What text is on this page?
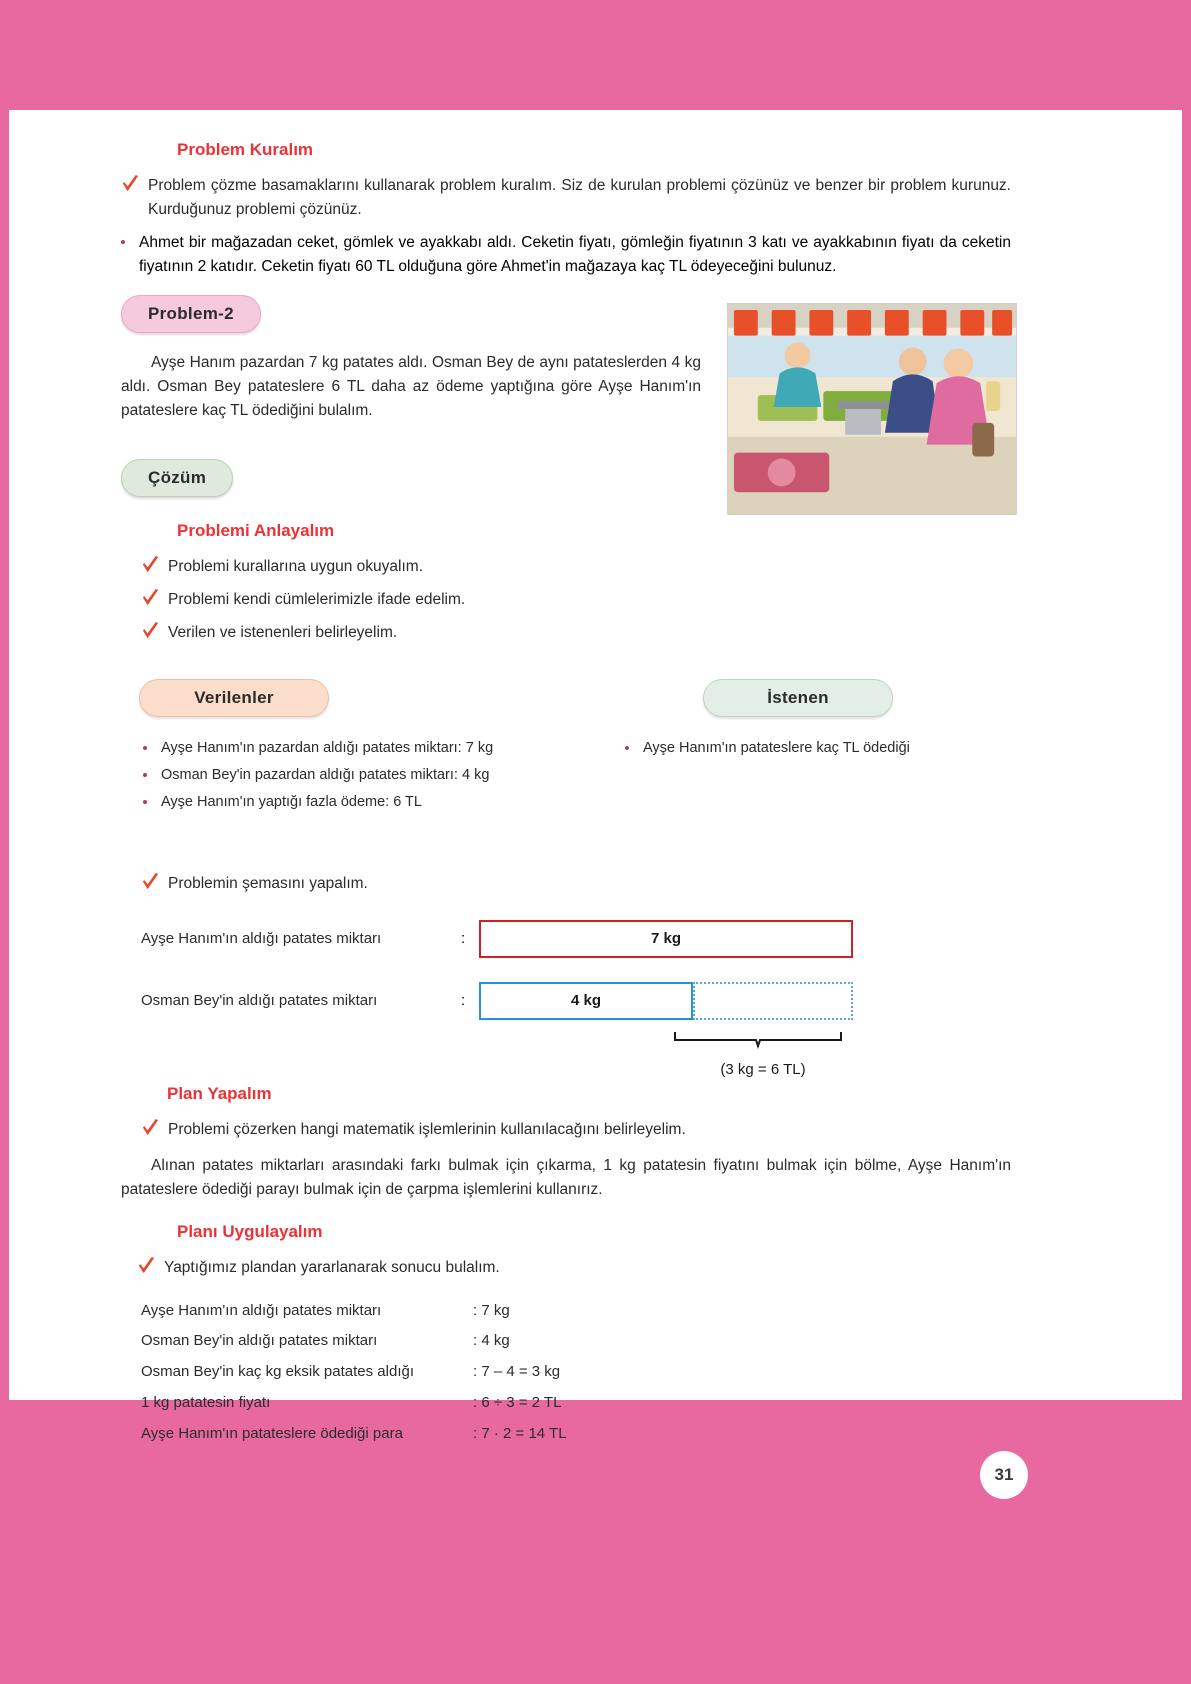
Problem Kuralım
Problem çözme basamaklarını kullanarak problem kuralım. Siz de kurulan problemi çözünüz ve benzer bir problem kurunuz. Kurduğunuz problemi çözünüz.
Ahmet bir mağazadan ceket, gömlek ve ayakkabı aldı. Ceketin fiyatı, gömleğin fiyatının 3 katı ve ayakkabının fiyatı da ceketin fiyatının 2 katıdır. Ceketin fiyatı 60 TL olduğuna göre Ahmet'in mağazaya kaç TL ödeyeceğini bulunuz.
Problem-2

Ayşe Hanım pazardan 7 kg patates aldı. Osman Bey de aynı patateslerden 4 kg aldı. Osman Bey patateslere 6 TL daha az ödeme yaptığına göre Ayşe Hanım'ın patateslere kaç TL ödediğini bulalım.

Çözüm
Problemi Anlayalım
Problemi kurallarına uygun okuyalım.
Problemi kendi cümlelerimizle ifade edelim.
Verilen ve istenenleri belirleyelim.
Verilenler
Ayşe Hanım'ın pazardan aldığı patates miktarı: 7 kg
Osman Bey'in pazardan aldığı patates miktarı: 4 kg
Ayşe Hanım'ın yaptığı fazla ödeme: 6 TL
İstenen
Ayşe Hanım'ın patateslere kaç TL ödediği
Problemin şemasını yapalım.
Ayşe Hanım'ın aldığı patates miktarı	:	7 kg
Osman Bey'in aldığı patates miktarı	:	4 kg
(3 kg = 6 TL)
Plan Yapalım
Problemi çözerken hangi matematik işlemlerinin kullanılacağını belirleyelim.

Alınan patates miktarları arasındaki farkı bulmak için çıkarma, 1 kg patatesin fiyatını bulmak için bölme, Ayşe Hanım'ın patateslere ödediği parayı bulmak için de çarpma işlemlerini kullanırız.

Planı Uygulayalım
Yaptığımız plandan yararlanarak sonucu bulalım.
Ayşe Hanım'ın aldığı patates miktarı	: 7 kg
Osman Bey'in aldığı patates miktarı	: 4 kg
Osman Bey'in kaç kg eksik patates aldığı	: 7 – 4 = 3 kg
1 kg patatesin fiyatı	: 6 ÷ 3 = 2 TL
Ayşe Hanım'ın patateslere ödediği para	: 7 · 2 = 14 TL
31
